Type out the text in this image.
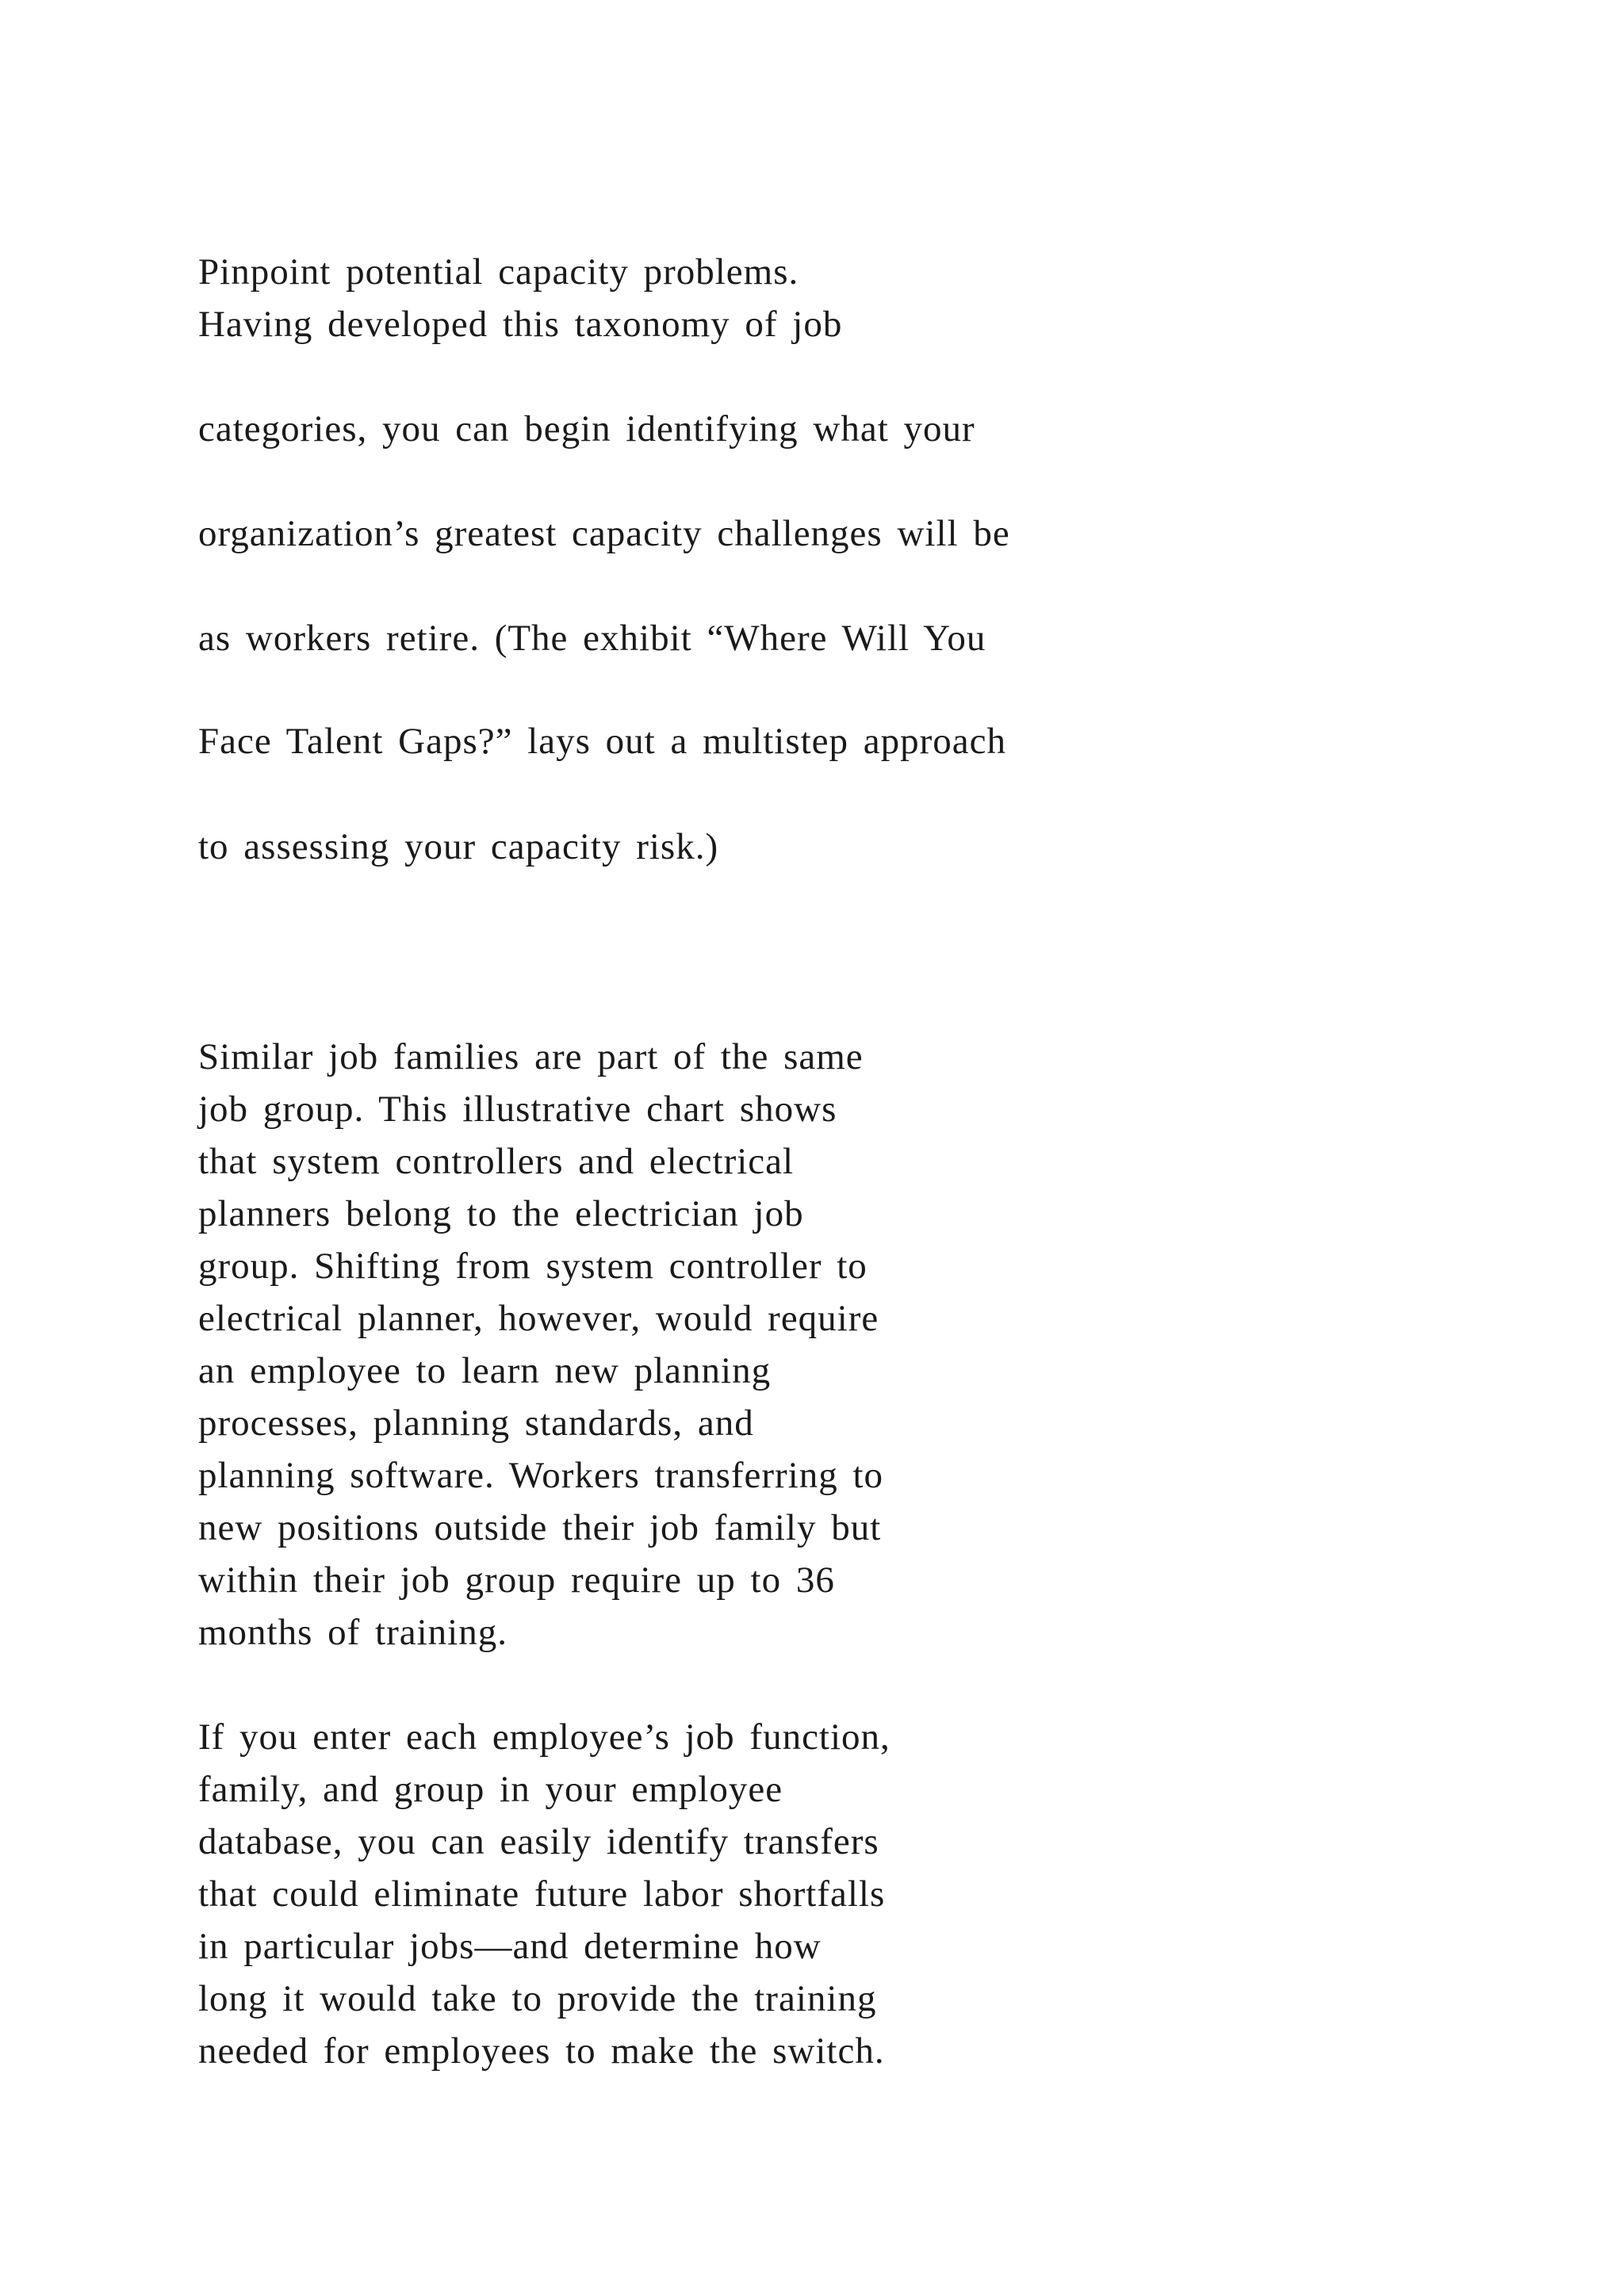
Pinpoint potential capacity problems.
Having developed this taxonomy of job
categories, you can begin identifying what your
organization’s greatest capacity challenges will be
as workers retire. (The exhibit “Where Will You
Face Talent Gaps?” lays out a multistep approach
to assessing your capacity risk.)
Similar job families are part of the same
job group. This illustrative chart shows
that system controllers and electrical
planners belong to the electrician job
group. Shifting from system controller to
electrical planner, however, would require
an employee to learn new planning
processes, planning standards, and
planning software. Workers transferring to
new positions outside their job family but
within their job group require up to 36
months of training.
If you enter each employee’s job function,
family, and group in your employee
database, you can easily identify transfers
that could eliminate future labor shortfalls
in particular jobs—and determine how
long it would take to provide the training
needed for employees to make the switch.
